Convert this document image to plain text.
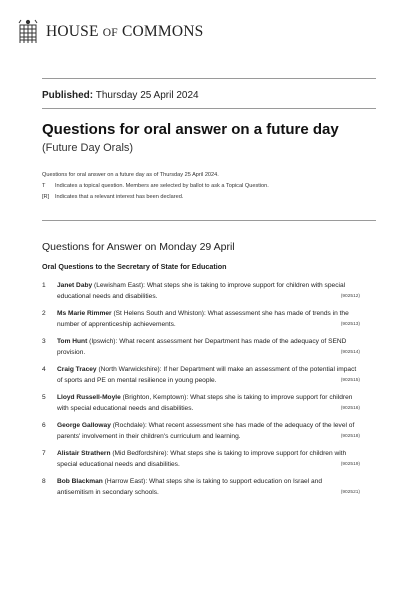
HOUSE OF COMMONS
Published: Thursday 25 April 2024
Questions for oral answer on a future day
(Future Day Orals)
Questions for oral answer on a future day as of Thursday 25 April 2024.
T	Indicates a topical question. Members are selected by ballot to ask a Topical Question.
[R]	Indicates that a relevant interest has been declared.
Questions for Answer on Monday 29 April
Oral Questions to the Secretary of State for Education
1	Janet Daby (Lewisham East): What steps she is taking to improve support for children with special educational needs and disabilities.	(902512)
2	Ms Marie Rimmer (St Helens South and Whiston): What assessment she has made of trends in the number of apprenticeship achievements.	(902513)
3	Tom Hunt (Ipswich): What recent assessment her Department has made of the adequacy of SEND provision.	(902514)
4	Craig Tracey (North Warwickshire): If her Department will make an assessment of the potential impact of sports and PE on mental resilience in young people.	(902515)
5	Lloyd Russell-Moyle (Brighton, Kemptown): What steps she is taking to improve support for children with special educational needs and disabilities.	(902516)
6	George Galloway (Rochdale): What recent assessment she has made of the adequacy of the level of parents' involvement in their children's curriculum and learning.	(902518)
7	Alistair Strathern (Mid Bedfordshire): What steps she is taking to improve support for children with special educational needs and disabilities.	(902519)
8	Bob Blackman (Harrow East): What steps she is taking to support education on Israel and antisemitism in secondary schools.	(902521)
